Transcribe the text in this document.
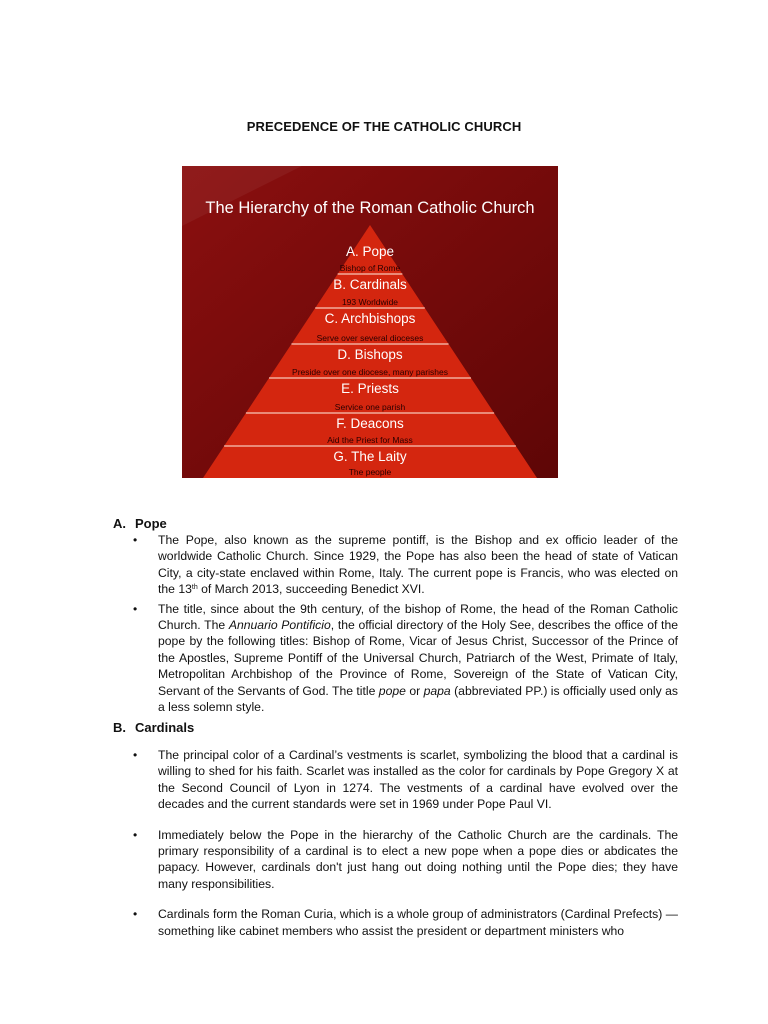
PRECEDENCE OF THE CATHOLIC CHURCH
The Hierarchy of the Roman Catholic Church
A. Pope
Bishop of Rome
B. Cardinals
193 Worldwide
C. Archbishops
Serve over several dioceses
D. Bishops
Preside over one diocese, many parishes
E. Priests
Service one parish
F. Deacons
Aid the Priest for Mass
G. The Laity
The people
A. Pope
• The Pope, also known as the supreme pontiff, is the Bishop and ex officio leader of the worldwide Catholic Church. Since 1929, the Pope has also been the head of state of Vatican City, a city-state enclaved within Rome, Italy. The current pope is Francis, who was elected on the 13th of March 2013, succeeding Benedict XVI.
• The title, since about the 9th century, of the bishop of Rome, the head of the Roman Catholic Church. The Annuario Pontificio, the official directory of the Holy See, describes the office of the pope by the following titles: Bishop of Rome, Vicar of Jesus Christ, Successor of the Prince of the Apostles, Supreme Pontiff of the Universal Church, Patriarch of the West, Primate of Italy, Metropolitan Archbishop of the Province of Rome, Sovereign of the State of Vatican City, Servant of the Servants of God. The title pope or papa (abbreviated PP.) is officially used only as a less solemn style.
B. Cardinals
• The principal color of a Cardinal’s vestments is scarlet, symbolizing the blood that a cardinal is willing to shed for his faith. Scarlet was installed as the color for cardinals by Pope Gregory X at the Second Council of Lyon in 1274. The vestments of a cardinal have evolved over the decades and the current standards were set in 1969 under Pope Paul VI.
• Immediately below the Pope in the hierarchy of the Catholic Church are the cardinals. The primary responsibility of a cardinal is to elect a new pope when a pope dies or abdicates the papacy. However, cardinals don't just hang out doing nothing until the Pope dies; they have many responsibilities.
• Cardinals form the Roman Curia, which is a whole group of administrators (Cardinal Prefects) — something like cabinet members who assist the president or department ministers who
